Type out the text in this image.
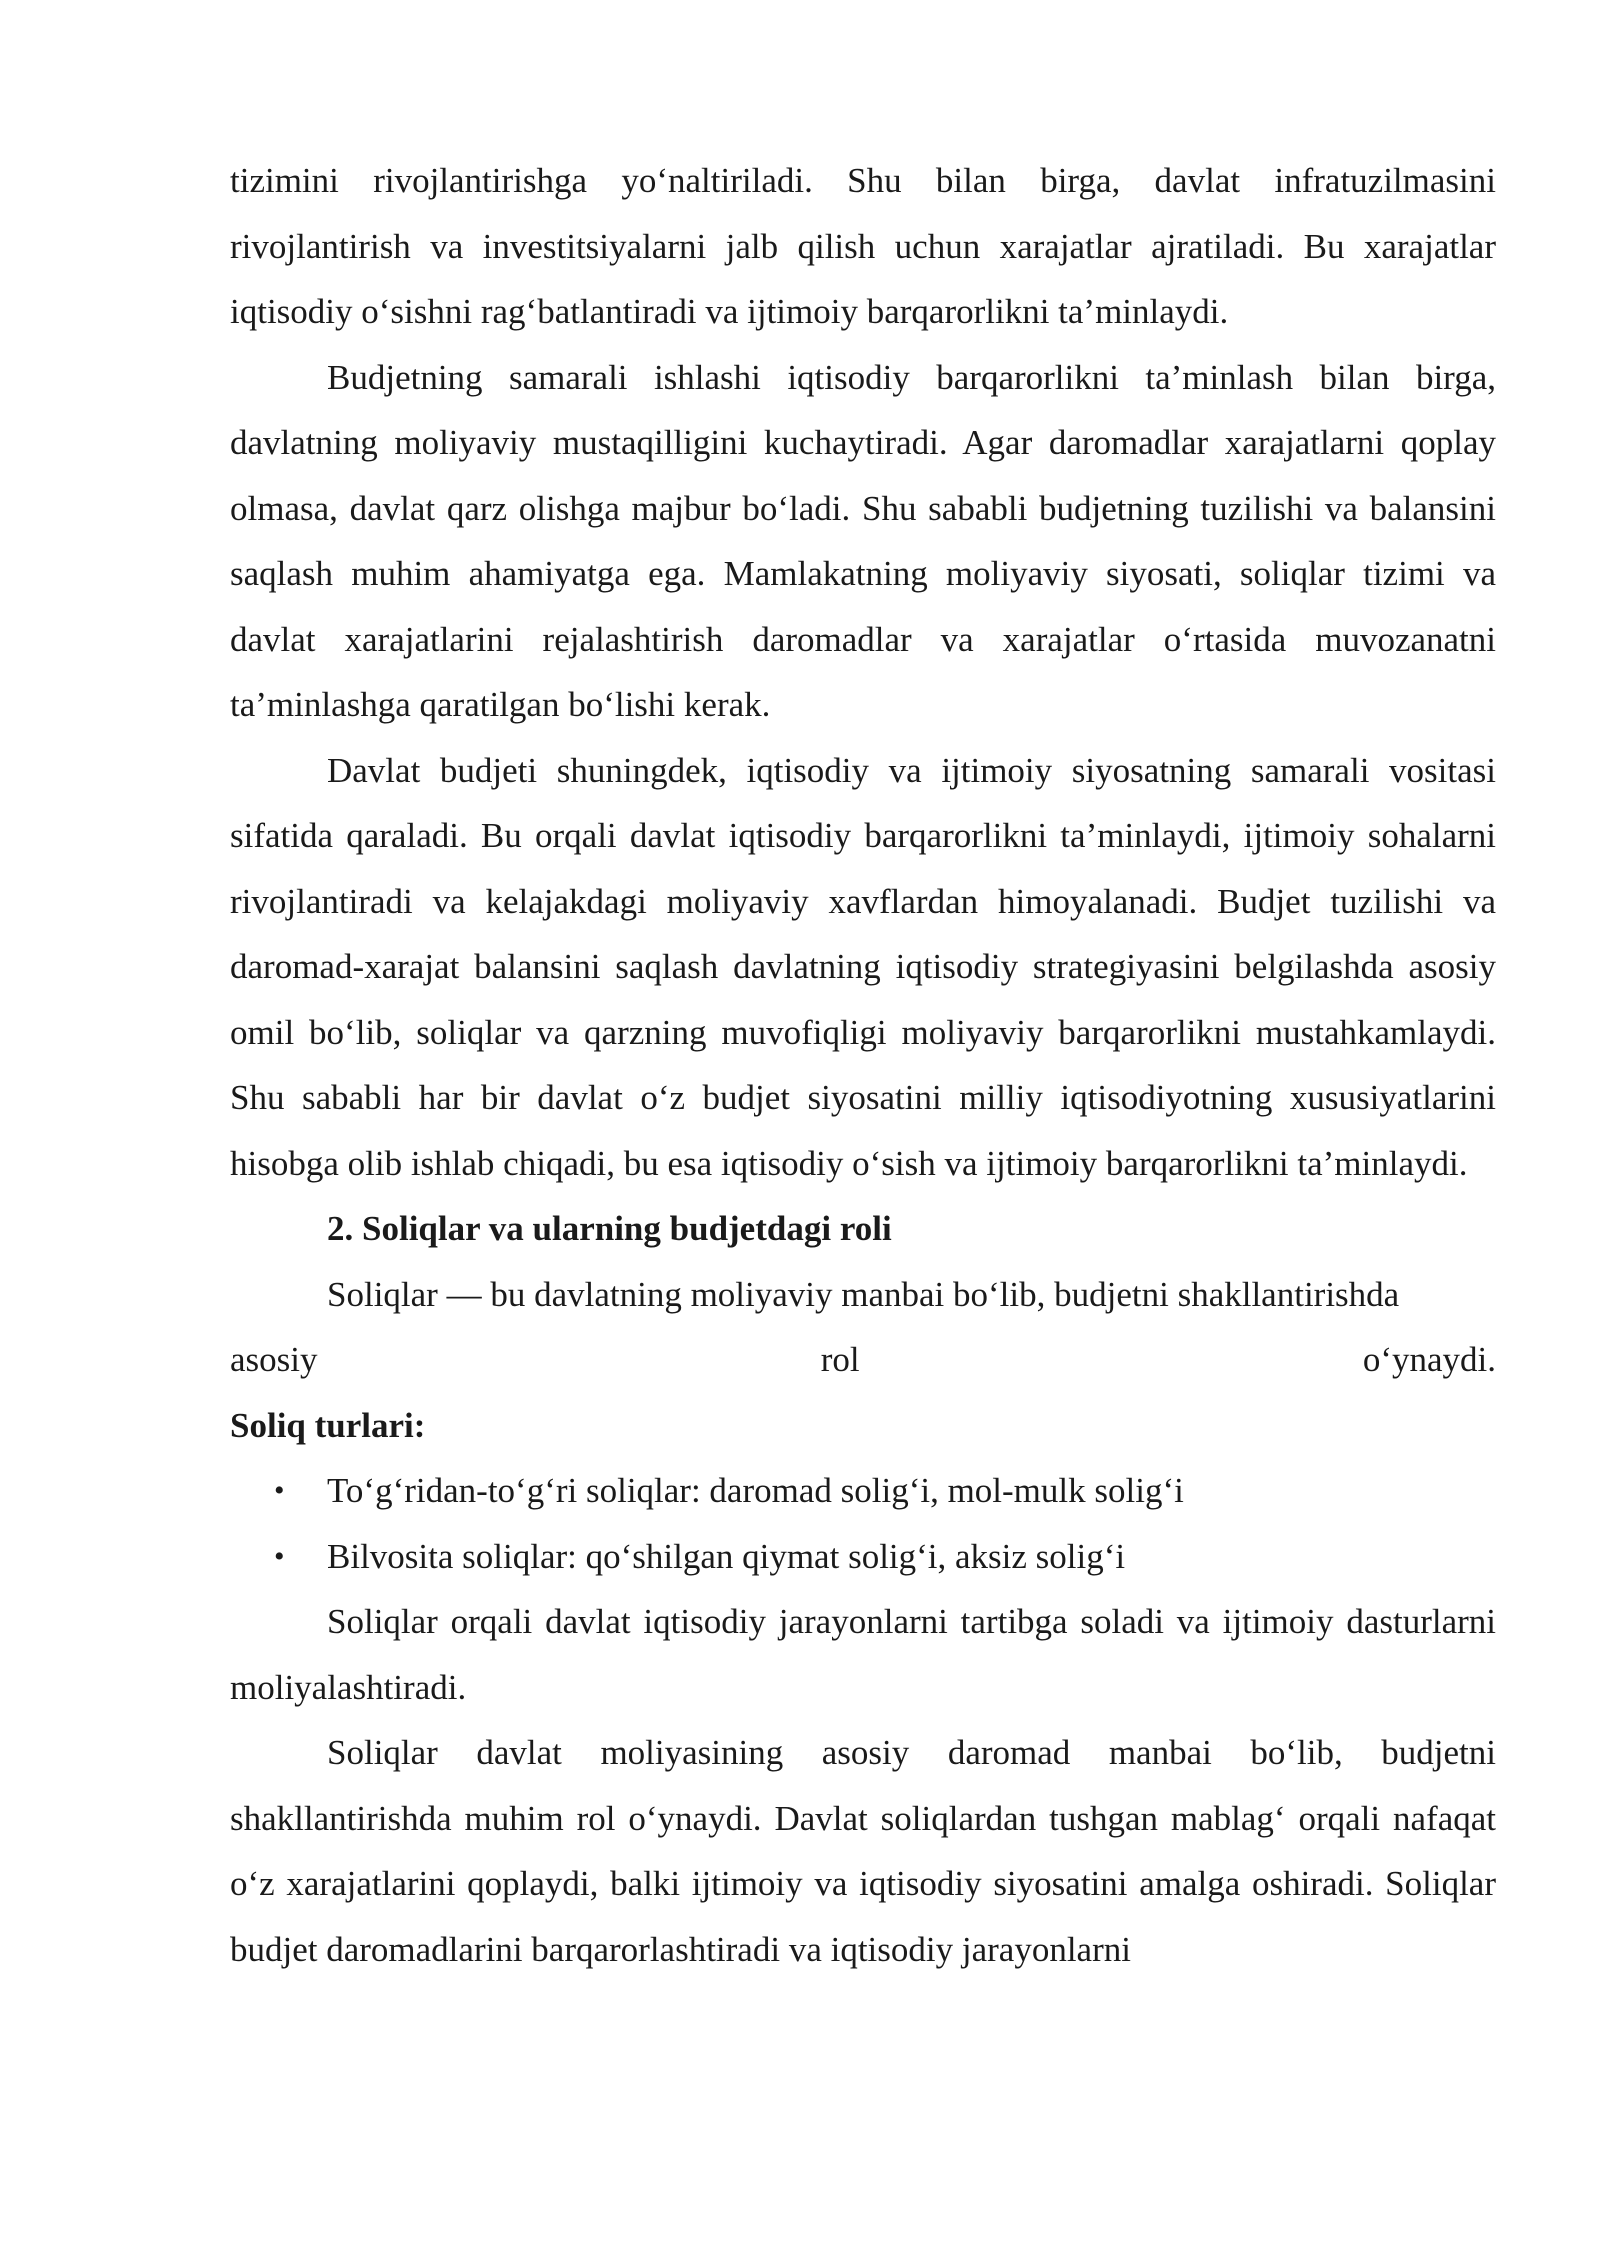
tizimini rivojlantirishga yo‘naltiriladi. Shu bilan birga, davlat infratuzilmasini rivojlantirish va investitsiyalarni jalb qilish uchun xarajatlar ajratiladi. Bu xarajatlar iqtisodiy o‘sishni rag‘batlantiradi va ijtimoiy barqarorlikni ta’minlaydi.

Budjetning samarali ishlashi iqtisodiy barqarorlikni ta’minlash bilan birga, davlatning moliyaviy mustaqilligini kuchaytiradi. Agar daromadlar xarajatlarni qoplay olmasa, davlat qarz olishga majbur bo‘ladi. Shu sababli budjetning tuzilishi va balansini saqlash muhim ahamiyatga ega. Mamlakatning moliyaviy siyosati, soliqlar tizimi va davlat xarajatlarini rejalashtirish daromadlar va xarajatlar o‘rtasida muvozanatni ta’minlashga qaratilgan bo‘lishi kerak.

Davlat budjeti shuningdek, iqtisodiy va ijtimoiy siyosatning samarali vositasi sifatida qaraladi. Bu orqali davlat iqtisodiy barqarorlikni ta’minlaydi, ijtimoiy sohalarni rivojlantiradi va kelajakdagi moliyaviy xavflardan himoyalanadi. Budjet tuzilishi va daromad-xarajat balansini saqlash davlatning iqtisodiy strategiyasini belgilashda asosiy omil bo‘lib, soliqlar va qarzning muvofiqligi moliyaviy barqarorlikni mustahkamlaydi. Shu sababli har bir davlat o‘z budjet siyosatini milliy iqtisodiyotning xususiyatlarini hisobga olib ishlab chiqadi, bu esa iqtisodiy o‘sish va ijtimoiy barqarorlikni ta’minlaydi.

2. Soliqlar va ularning budjetdagi roli

Soliqlar — bu davlatning moliyaviy manbai bo‘lib, budjetni shakllantirishda

asosiy	rol	o‘ynaydi.

Soliq turlari:

• To‘g‘ridan-to‘g‘ri soliqlar: daromad solig‘i, mol-mulk solig‘i
• Bilvosita soliqlar: qo‘shilgan qiymat solig‘i, aksiz solig‘i

Soliqlar orqali davlat iqtisodiy jarayonlarni tartibga soladi va ijtimoiy dasturlarni moliyalashtiradi.

Soliqlar davlat moliyasining asosiy daromad manbai bo‘lib, budjetni shakllantirishda muhim rol o‘ynaydi. Davlat soliqlardan tushgan mablag‘ orqali nafaqat o‘z xarajatlarini qoplaydi, balki ijtimoiy va iqtisodiy siyosatini amalga oshiradi. Soliqlar budjet daromadlarini barqarorlashtiradi va iqtisodiy jarayonlarni
